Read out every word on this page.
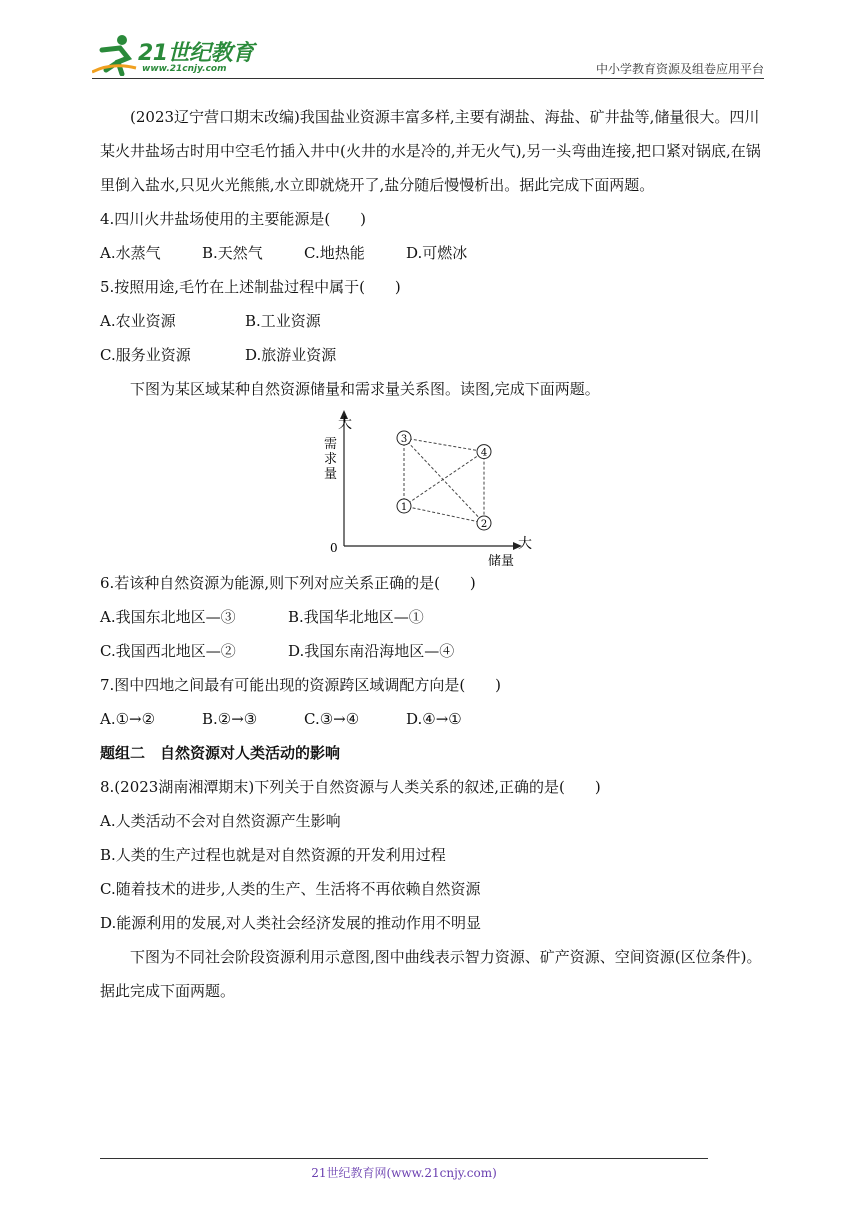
21世纪教育
www.21cnjy.com	中小学教育资源及组卷应用平台

(2023辽宁营口期末改编)我国盐业资源丰富多样,主要有湖盐、海盐、矿井盐等,储量很大。四川某火井盐场古时用中空毛竹插入井中(火井的水是冷的,并无火气),另一头弯曲连接,把口紧对锅底,在锅里倒入盐水,只见火光熊熊,水立即就烧开了,盐分随后慢慢析出。据此完成下面两题。

4.四川火井盐场使用的主要能源是(　　)

A.水蒸气	B.天然气	C.地热能	D.可燃冰

5.按照用途,毛竹在上述制盐过程中属于(　　)

A.农业资源	B.工业资源

C.服务业资源	D.旅游业资源

下图为某区域某种自然资源储量和需求量关系图。读图,完成下面两题。

大
需
求
量
大
储量
0
1
2
3
4

6.若该种自然资源为能源,则下列对应关系正确的是(　　)

A.我国东北地区—③	B.我国华北地区—①

C.我国西北地区—②	D.我国东南沿海地区—④

7.图中四地之间最有可能出现的资源跨区域调配方向是(　　)

A.①→②	B.②→③	C.③→④	D.④→①

题组二　自然资源对人类活动的影响

8.(2023湖南湘潭期末)下列关于自然资源与人类关系的叙述,正确的是(　　)

A.人类活动不会对自然资源产生影响

B.人类的生产过程也就是对自然资源的开发利用过程

C.随着技术的进步,人类的生产、生活将不再依赖自然资源

D.能源利用的发展,对人类社会经济发展的推动作用不明显

下图为不同社会阶段资源利用示意图,图中曲线表示智力资源、矿产资源、空间资源(区位条件)。据此完成下面两题。

21世纪教育网(www.21cnjy.com)
